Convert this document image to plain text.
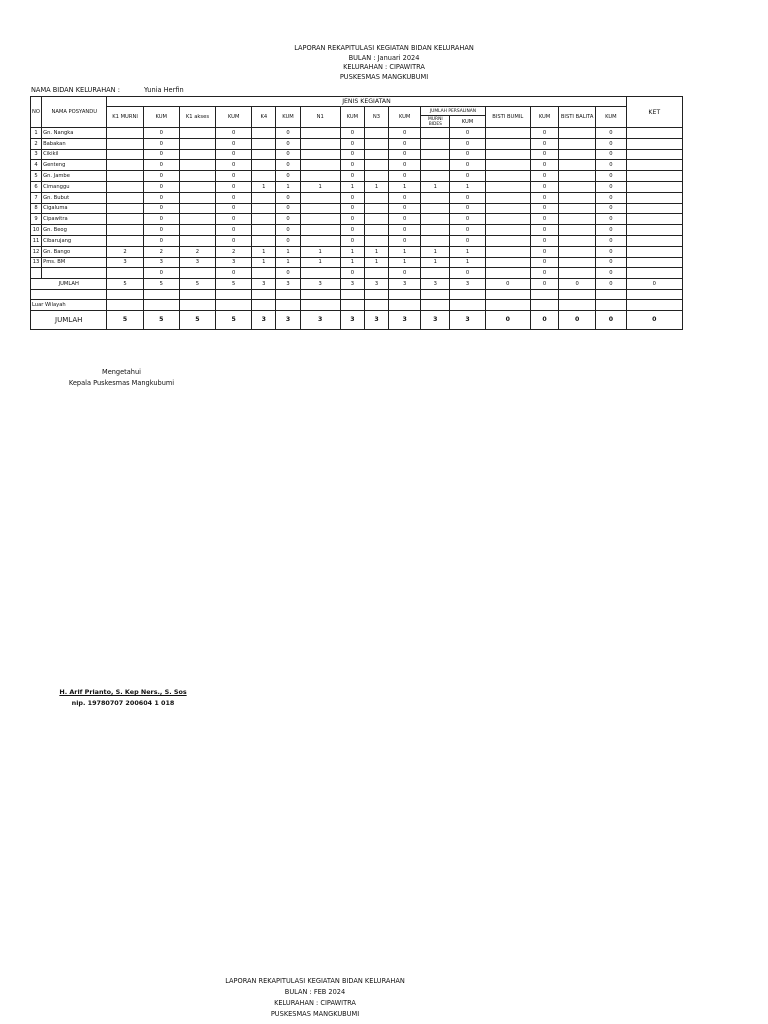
LAPORAN REKAPITULASI KEGIATAN BIDAN KELURAHAN
BULAN : Januari 2024
KELURAHAN : CIPAWITRA
PUSKESMAS MANGKUBUMI
NAMA BIDAN KELURAHAN :	Yunia Herfin
NO	NAMA POSYANDU	JENIS KEGIATAN																KET
		K1 MURNI	KUM	K1 akses	KUM	K4	KUM	N1	KUM	N3	KUM	JUMLAH PERSALINAN		BISTI BUMIL	KUM	BISTI BALITA	KUM	
												MURNI BIDES	KUM					
1	Gn. Nangka		0		0		0		0		0		0		0		0	
2	Babakan		0		0		0		0		0		0		0		0	
3	Cikikil		0		0		0		0		0		0		0		0	
4	Genteng		0		0		0		0		0		0		0		0	
5	Gn. Jambe		0		0		0		0		0		0		0		0	
6	Cimanggu		0		0	1	1	1	1	1	1	1	1		0		0	
7	Gn. Bubut		0		0		0		0		0		0		0		0	
8	Cigaluma		0		0		0		0		0		0		0		0	
9	Cipawitra		0		0		0		0		0		0		0		0	
10	Gn. Beog		0		0		0		0		0		0		0		0	
11	Cibarujang		0		0		0		0		0		0		0		0	
12	Gn. Bango	2	2	2	2	1	1	1	1	1	1	1	1		0		0	
13	Pms. BM	3	3	3	3	1	1	1	1	1	1	1	1		0		0	
			0		0		0		0		0		0		0		0	
JUMLAH		5	5	5	5	3	3	3	3	3	3	3	3	0	0	0	0	0

Luar Wilayah																		
JUMLAH		5	5	5	5	3	3	3	3	3	3	3	3	0	0	0	0	0
Mengetahui
Kepala Puskesmas Mangkubumi
H. Arif Prianto, S. Kep Ners., S. Sos
nip. 19780707 200604 1 018
LAPORAN REKAPITULASI KEGIATAN BIDAN KELURAHAN
BULAN : FEB 2024
KELURAHAN : CIPAWITRA
PUSKESMAS MANGKUBUMI
